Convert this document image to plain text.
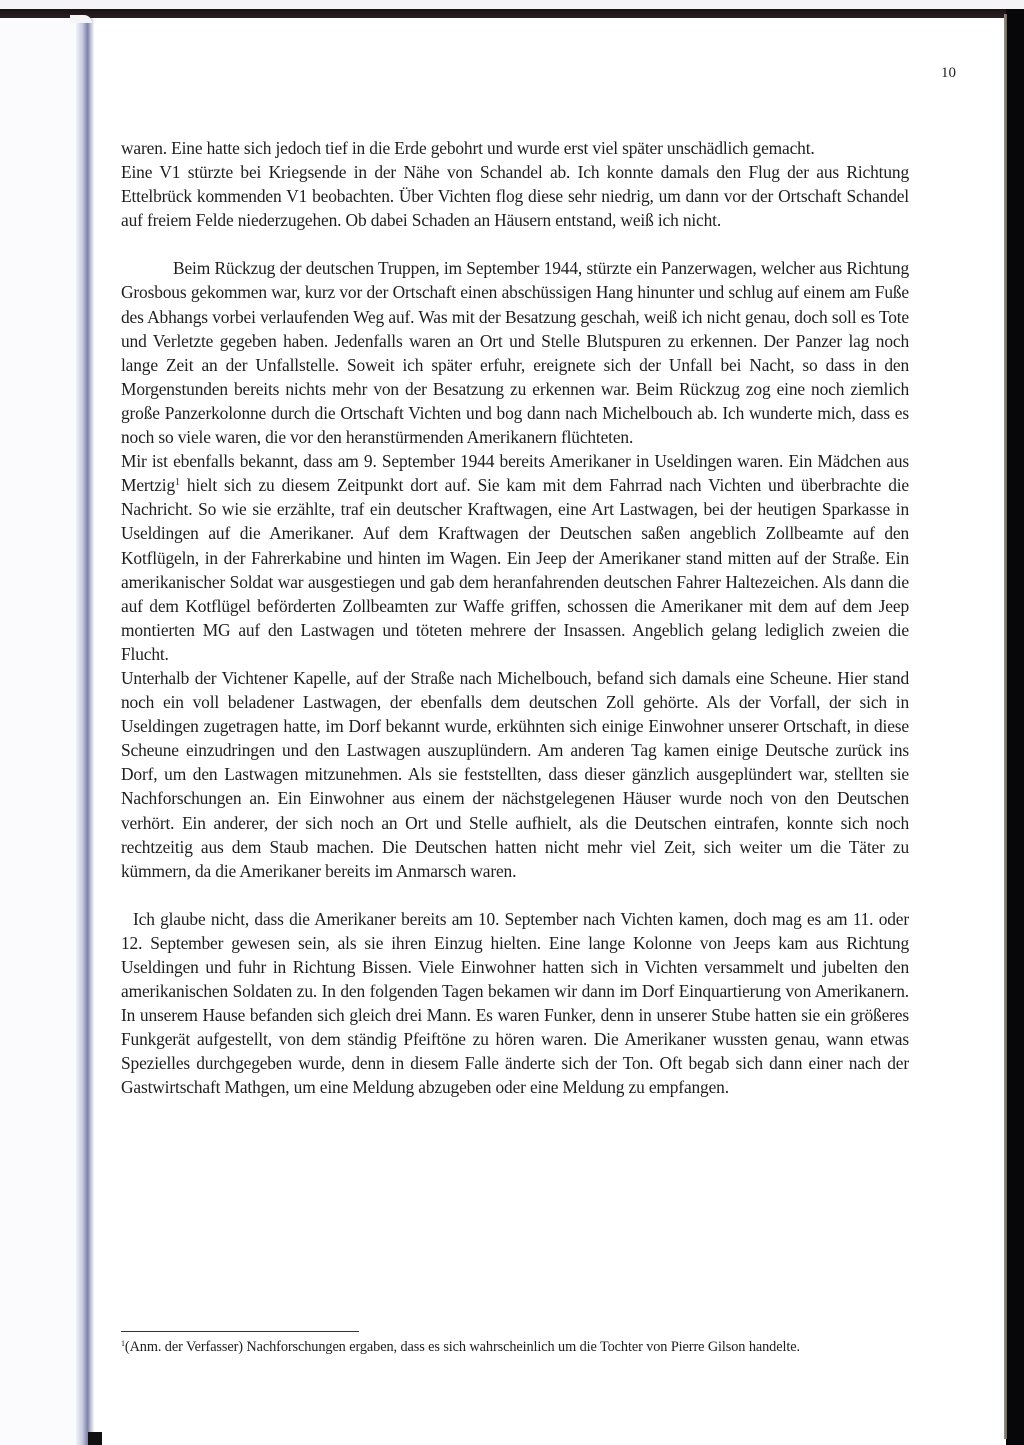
10

waren. Eine hatte sich jedoch tief in die Erde gebohrt und wurde erst viel später unschädlich gemacht.

Eine V1 stürzte bei Kriegsende in der Nähe von Schandel ab. Ich konnte damals den Flug der aus Richtung Ettelbrück kommenden V1 beobachten. Über Vichten flog diese sehr niedrig, um dann vor der Ortschaft Schandel auf freiem Felde niederzugehen. Ob dabei Schaden an Häusern entstand, weiß ich nicht.

Beim Rückzug der deutschen Truppen, im September 1944, stürzte ein Panzerwagen, welcher aus Richtung Grosbous gekommen war, kurz vor der Ortschaft einen abschüssigen Hang hinunter und schlug auf einem am Fuße des Abhangs vorbei verlaufenden Weg auf. Was mit der Besatzung geschah, weiß ich nicht genau, doch soll es Tote und Verletzte gegeben haben. Jedenfalls waren an Ort und Stelle Blutspuren zu erkennen. Der Panzer lag noch lange Zeit an der Unfallstelle. Soweit ich später erfuhr, ereignete sich der Unfall bei Nacht, so dass in den Morgenstunden bereits nichts mehr von der Besatzung zu erkennen war. Beim Rückzug zog eine noch ziemlich große Panzerkolonne durch die Ortschaft Vichten und bog dann nach Michelbouch ab. Ich wunderte mich, dass es noch so viele waren, die vor den heranstürmenden Amerikanern flüchteten.

Mir ist ebenfalls bekannt, dass am 9. September 1944 bereits Amerikaner in Useldingen waren. Ein Mädchen aus Mertzig$^1$ hielt sich zu diesem Zeitpunkt dort auf. Sie kam mit dem Fahrrad nach Vichten und überbrachte die Nachricht. So wie sie erzählte, traf ein deutscher Kraftwagen, eine Art Lastwagen, bei der heutigen Sparkasse in Useldingen auf die Amerikaner. Auf dem Kraftwagen der Deutschen saßen angeblich Zollbeamte auf den Kotflügeln, in der Fahrerkabine und hinten im Wagen. Ein Jeep der Amerikaner stand mitten auf der Straße. Ein amerikanischer Soldat war ausgestiegen und gab dem heranfahrenden deutschen Fahrer Haltezeichen. Als dann die auf dem Kotflügel beförderten Zollbeamten zur Waffe griffen, schossen die Amerikaner mit dem auf dem Jeep montierten MG auf den Lastwagen und töteten mehrere der Insassen. Angeblich gelang lediglich zweien die Flucht.

Unterhalb der Vichtener Kapelle, auf der Straße nach Michelbouch, befand sich damals eine Scheune. Hier stand noch ein voll beladener Lastwagen, der ebenfalls dem deutschen Zoll gehörte. Als der Vorfall, der sich in Useldingen zugetragen hatte, im Dorf bekannt wurde, erkühnten sich einige Einwohner unserer Ortschaft, in diese Scheune einzudringen und den Lastwagen auszuplündern. Am anderen Tag kamen einige Deutsche zurück ins Dorf, um den Lastwagen mitzunehmen. Als sie feststellten, dass dieser gänzlich ausgeplündert war, stellten sie Nachforschungen an. Ein Einwohner aus einem der nächstgelegenen Häuser wurde noch von den Deutschen verhört. Ein anderer, der sich noch an Ort und Stelle aufhielt, als die Deutschen eintrafen, konnte sich noch rechtzeitig aus dem Staub machen. Die Deutschen hatten nicht mehr viel Zeit, sich weiter um die Täter zu kümmern, da die Amerikaner bereits im Anmarsch waren.

Ich glaube nicht, dass die Amerikaner bereits am 10. September nach Vichten kamen, doch mag es am 11. oder 12. September gewesen sein, als sie ihren Einzug hielten. Eine lange Kolonne von Jeeps kam aus Richtung Useldingen und fuhr in Richtung Bissen. Viele Einwohner hatten sich in Vichten versammelt und jubelten den amerikanischen Soldaten zu. In den folgenden Tagen bekamen wir dann im Dorf Einquartierung von Amerikanern. In unserem Hause befanden sich gleich drei Mann. Es waren Funker, denn in unserer Stube hatten sie ein größeres Funkgerät aufgestellt, von dem ständig Pfeiftöne zu hören waren. Die Amerikaner wussten genau, wann etwas Spezielles durchgegeben wurde, denn in diesem Falle änderte sich der Ton. Oft begab sich dann einer nach der Gastwirtschaft Mathgen, um eine Meldung abzugeben oder eine Meldung zu empfangen.

$^1$(Anm. der Verfasser) Nachforschungen ergaben, dass es sich wahrscheinlich um die Tochter von Pierre Gilson handelte.
